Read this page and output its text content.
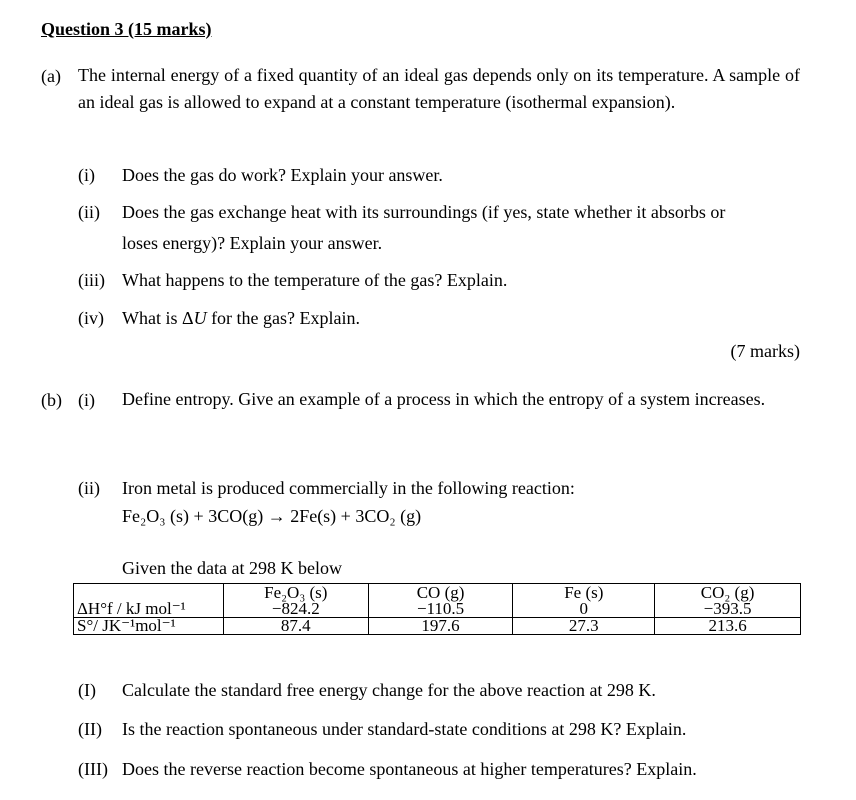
Question 3 (15 marks)
(a) The internal energy of a fixed quantity of an ideal gas depends only on its temperature. A sample of an ideal gas is allowed to expand at a constant temperature (isothermal expansion).
(i) Does the gas do work? Explain your answer.
(ii) Does the gas exchange heat with its surroundings (if yes, state whether it absorbs or
loses energy)? Explain your answer.
(iii) What happens to the temperature of the gas? Explain.
(iv) What is ΔU for the gas? Explain.
(7 marks)
(b) (i) Define entropy. Give an example of a process in which the entropy of a system increases.
(ii) Iron metal is produced commercially in the following reaction:
Fe₂O₃ (s) + 3CO(g) → 2Fe(s) + 3CO₂ (g)
Given the data at 298 K below
	Fe₂O₃ (s)	CO (g)	Fe (s)	CO₂ (g)
ΔH°f / kJ mol⁻¹	−824.2	−110.5	0	−393.5
S°/ JK⁻¹mol⁻¹	87.4	197.6	27.3	213.6
(I) Calculate the standard free energy change for the above reaction at 298 K.
(II) Is the reaction spontaneous under standard-state conditions at 298 K? Explain.
(III) Does the reverse reaction become spontaneous at higher temperatures? Explain.
